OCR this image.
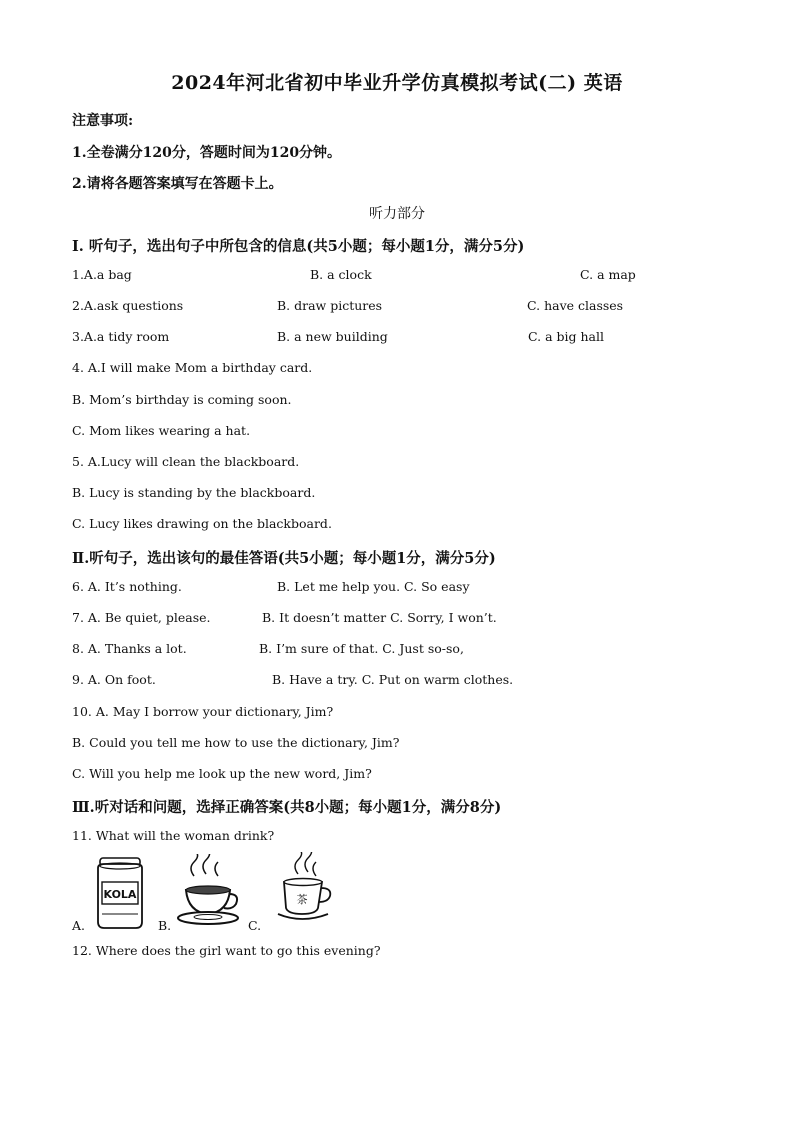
2024年河北省初中毕业升学仿真模拟考试(二) 英语
注意事项:
1.全卷满分120分，答题时间为120分钟。
2.请将各题答案填写在答题卡上。
听力部分
I. 听句子，选出句子中所包含的信息(共5小题；每小题1分，满分5分)
1.A.a bag	B. a clock	C. a map
2.A.ask questions	B. draw pictures	C. have classes
3.A.a tidy room	B. a new building	C. a big hall
4. A.I will make Mom a birthday card.
B. Mom’s birthday is coming soon.
C. Mom likes wearing a hat.
5. A.Lucy will clean the blackboard.
B. Lucy is standing by the blackboard.
C. Lucy likes drawing on the blackboard.
Ⅱ.听句子，选出该句的最佳答语(共5小题；每小题1分，满分5分)
6. A. It’s nothing.	B. Let me help you. C. So easy
7. A. Be quiet, please.	B. It doesn’t matter C. Sorry, I won’t.
8. A. Thanks a lot.	B. I’m sure of that. C. Just so-so,
9. A. On foot.	B. Have a try. C. Put on warm clothes.
10. A. May I borrow your dictionary, Jim?
B. Could you tell me how to use the dictionary, Jim?
C. Will you help me look up the new word, Jim?
Ⅲ.听对话和问题，选择正确答案(共8小题；每小题1分，满分8分)
11. What will the woman drink?
A.
KOLA
B.	C.
茶
12. Where does the girl want to go this evening?
